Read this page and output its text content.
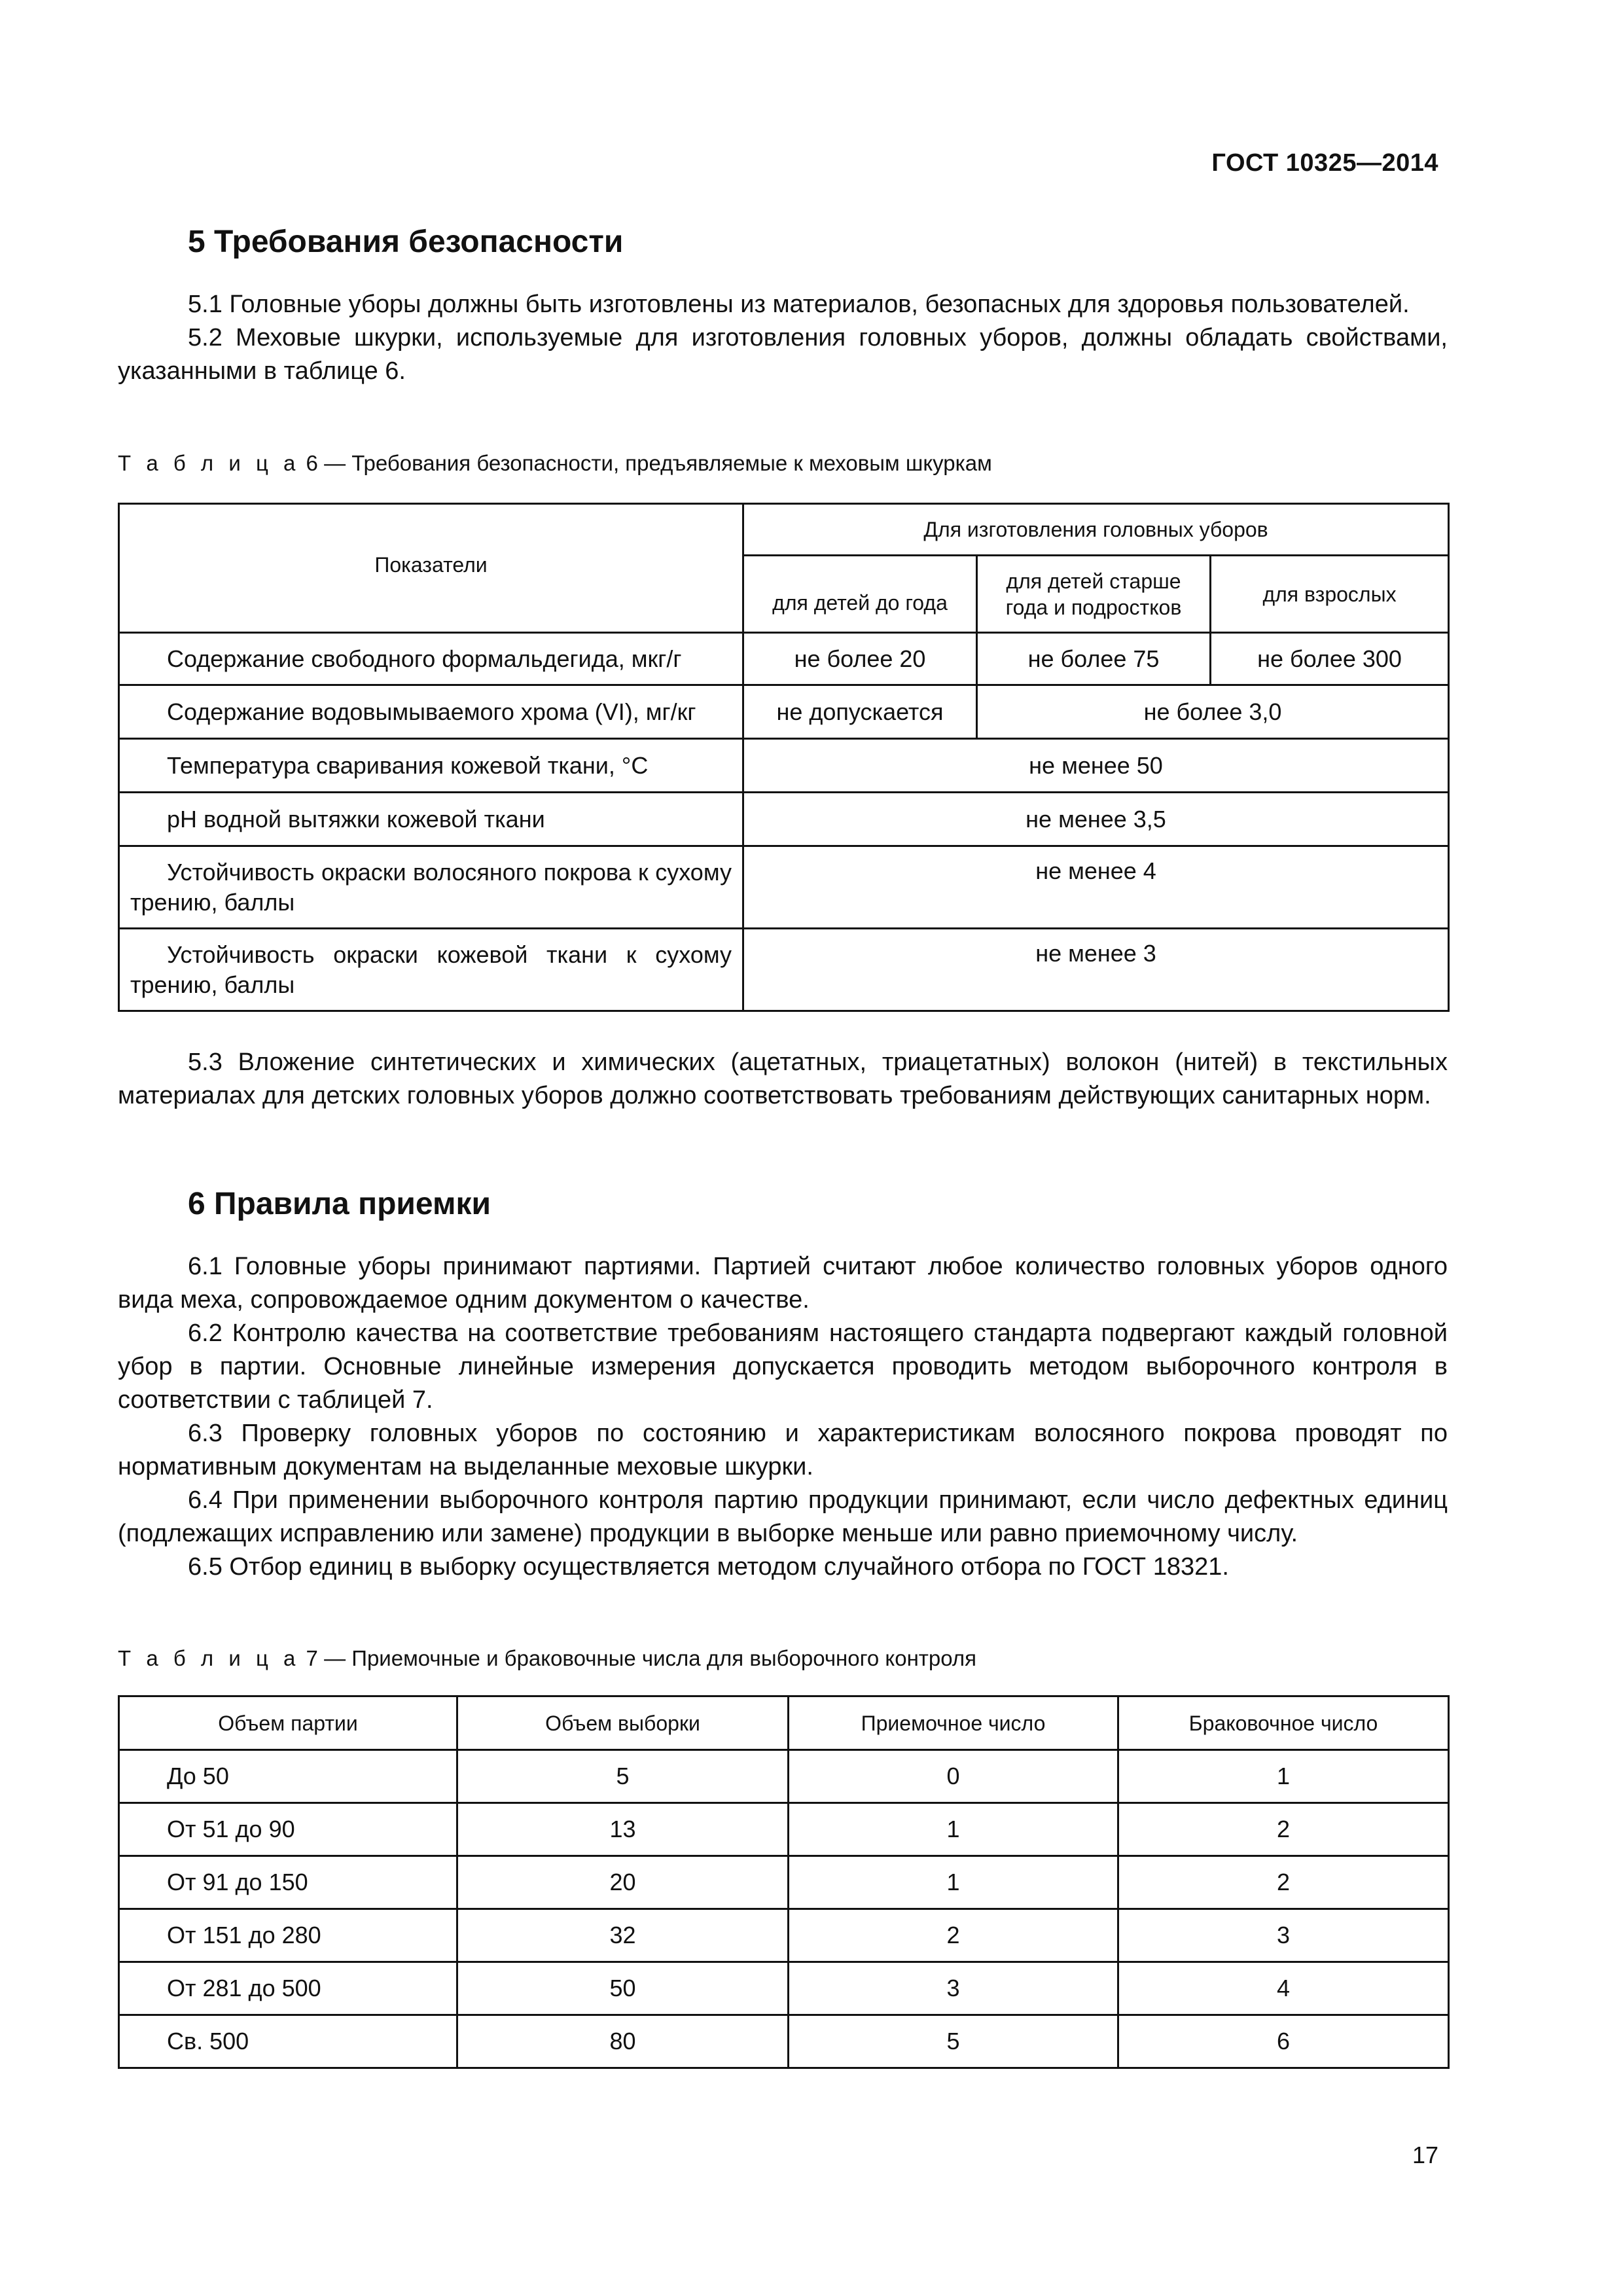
ГОСТ 10325—2014
5 Требования безопасности

5.1 Головные уборы должны быть изготовлены из материалов, безопасных для здоровья пользователей.

5.2 Меховые шкурки, используемые для изготовления головных уборов, должны обладать свойствами, указанными в таблице 6.

Т а б л и ц а 6 — Требования безопасности, предъявляемые к меховым шкуркам

Показатели	Для изготовления головных уборов		
	для детей до года	для детей старше года и подростков	для взрослых
Содержание свободного формальдегида, мкг/г	не более 20	не более 75	не более 300
Содержание водовымываемого хрома (VI), мг/кг	не допускается	не более 3,0	
Температура сваривания кожевой ткани, °С	не менее 50		
pH водной вытяжки кожевой ткани	не менее 3,5		
Устойчивость окраски волосяного покрова к сухому трению, баллы	не менее 4		
Устойчивость окраски кожевой ткани к сухому трению, баллы	не менее 3		

5.3 Вложение синтетических и химических (ацетатных, триацетатных) волокон (нитей) в текстильных материалах для детских головных уборов должно соответствовать требованиям действующих санитарных норм.

6 Правила приемки

6.1 Головные уборы принимают партиями. Партией считают любое количество головных уборов одного вида меха, сопровождаемое одним документом о качестве.

6.2 Контролю качества на соответствие требованиям настоящего стандарта подвергают каждый головной убор в партии. Основные линейные измерения допускается проводить методом выборочного контроля в соответствии с таблицей 7.

6.3 Проверку головных уборов по состоянию и характеристикам волосяного покрова проводят по нормативным документам на выделанные меховые шкурки.

6.4 При применении выборочного контроля партию продукции принимают, если число дефектных единиц (подлежащих исправлению или замене) продукции в выборке меньше или равно приемочному числу.

6.5 Отбор единиц в выборку осуществляется методом случайного отбора по ГОСТ 18321.

Т а б л и ц а 7 — Приемочные и браковочные числа для выборочного контроля

Объем партии	Объем выборки	Приемочное число	Браковочное число
До 50	5	0	1
От 51 до 90	13	1	2
От 91 до 150	20	1	2
От 151 до 280	32	2	3
От 281 до 500	50	3	4
Св. 500	80	5	6
17
